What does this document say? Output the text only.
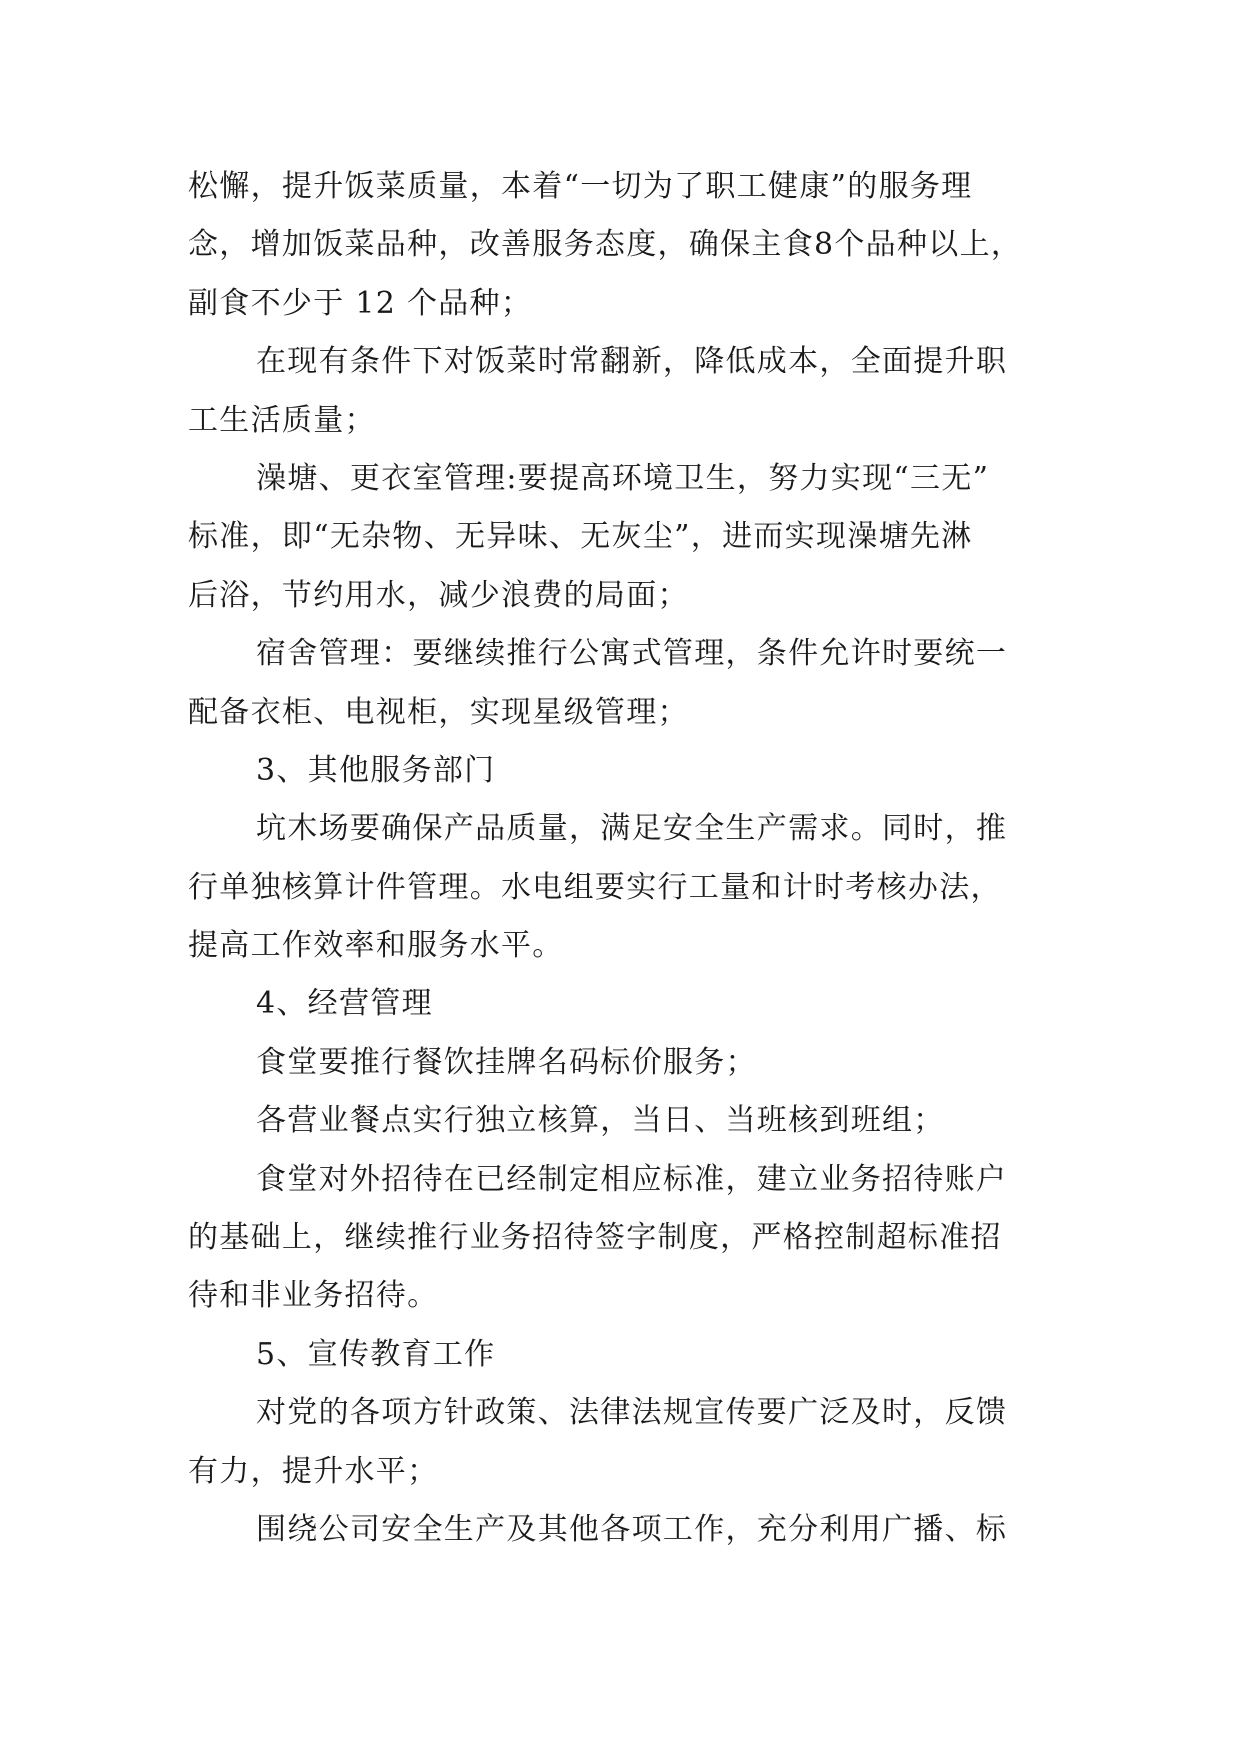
松懈，提升饭菜质量，本着“一切为了职工健康”的服务理
念，增加饭菜品种，改善服务态度，确保主食8个品种以上，
副食不少于 12 个品种；
在现有条件下对饭菜时常翻新，降低成本，全面提升职
工生活质量；
澡塘、更衣室管理:要提高环境卫生，努力实现“三无”
标准，即“无杂物、无异味、无灰尘”，进而实现澡塘先淋
后浴，节约用水，减少浪费的局面；
宿舍管理：要继续推行公寓式管理，条件允许时要统一
配备衣柜、电视柜，实现星级管理；
3、其他服务部门
坑木场要确保产品质量，满足安全生产需求。同时，推
行单独核算计件管理。水电组要实行工量和计时考核办法，
提高工作效率和服务水平。
4、经营管理
食堂要推行餐饮挂牌名码标价服务；
各营业餐点实行独立核算，当日、当班核到班组；
食堂对外招待在已经制定相应标准，建立业务招待账户
的基础上，继续推行业务招待签字制度，严格控制超标准招
待和非业务招待。
5、宣传教育工作
对党的各项方针政策、法律法规宣传要广泛及时，反馈
有力，提升水平；
围绕公司安全生产及其他各项工作，充分利用广播、标
